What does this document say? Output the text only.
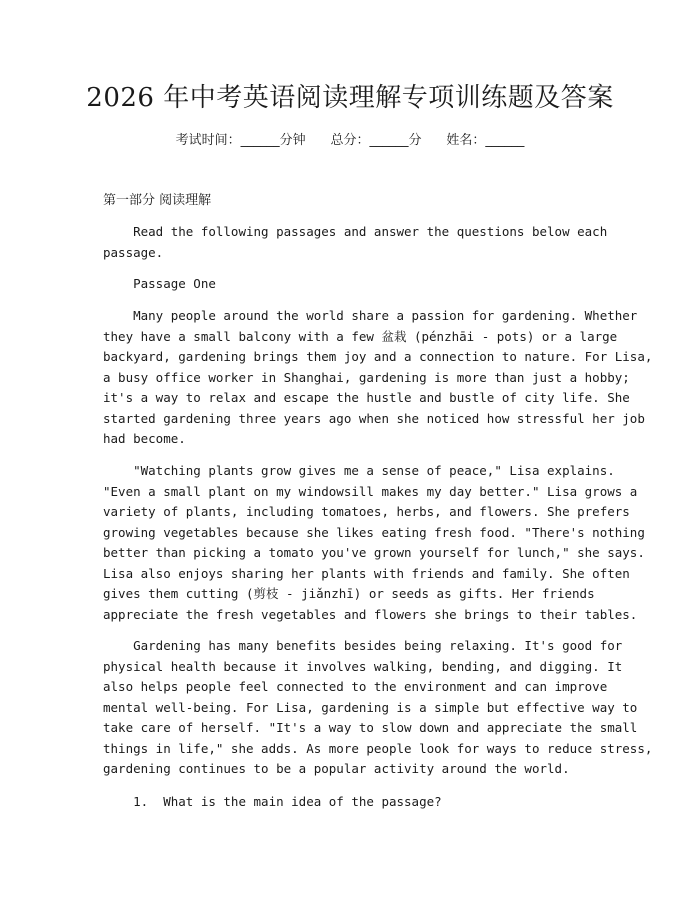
2026 年中考英语阅读理解专项训练题及答案
考试时间：______分钟 总分：______分 姓名：______
第一部分 阅读理解
Read the following passages and answer the questions below each
passage.
Passage One
Many people around the world share a passion for gardening. Whether
they have a small balcony with a few 盆栽 (pénzhāi - pots) or a large
backyard, gardening brings them joy and a connection to nature. For Lisa,
a busy office worker in Shanghai, gardening is more than just a hobby;
it's a way to relax and escape the hustle and bustle of city life. She
started gardening three years ago when she noticed how stressful her job
had become.
"Watching plants grow gives me a sense of peace," Lisa explains.
"Even a small plant on my windowsill makes my day better." Lisa grows a
variety of plants, including tomatoes, herbs, and flowers. She prefers
growing vegetables because she likes eating fresh food. "There's nothing
better than picking a tomato you've grown yourself for lunch," she says.
Lisa also enjoys sharing her plants with friends and family. She often
gives them cutting (剪枝 - jiǎnzhī) or seeds as gifts. Her friends
appreciate the fresh vegetables and flowers she brings to their tables.
Gardening has many benefits besides being relaxing. It's good for
physical health because it involves walking, bending, and digging. It
also helps people feel connected to the environment and can improve
mental well-being. For Lisa, gardening is a simple but effective way to
take care of herself. "It's a way to slow down and appreciate the small
things in life," she adds. As more people look for ways to reduce stress,
gardening continues to be a popular activity around the world.
1.  What is the main idea of the passage?
